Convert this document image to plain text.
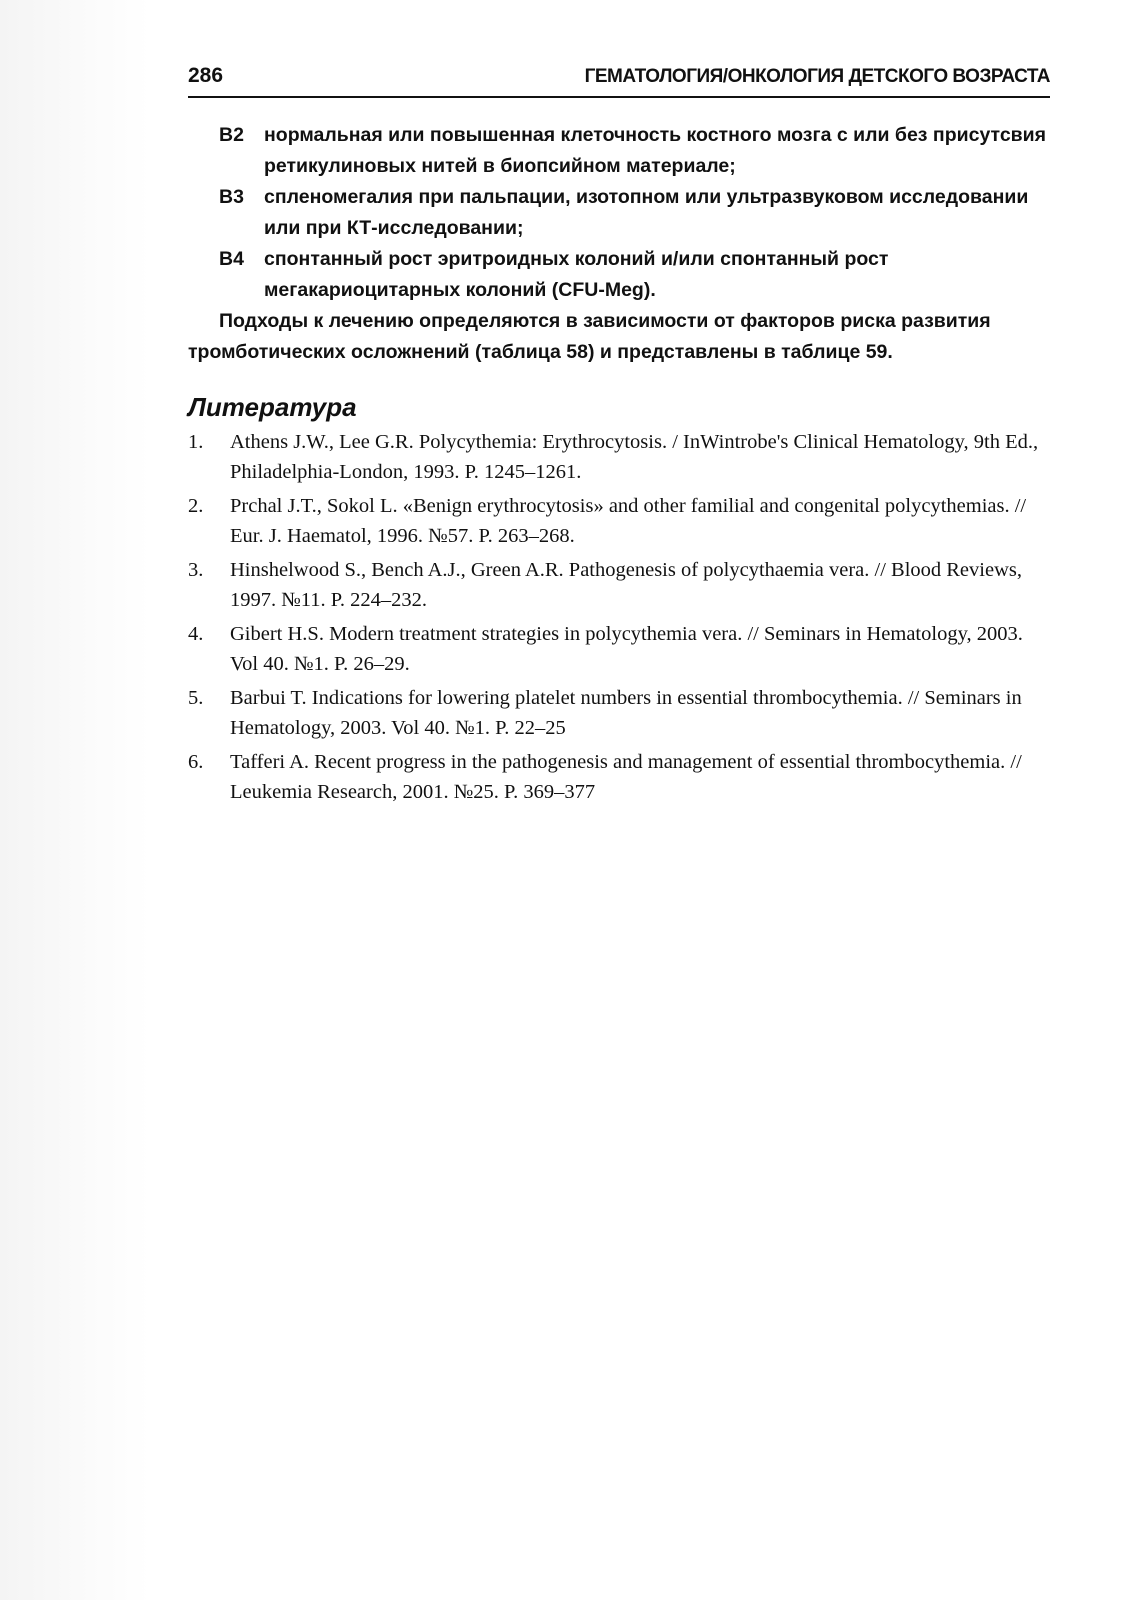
286	ГЕМАТОЛОГИЯ/ОНКОЛОГИЯ ДЕТСКОГО ВОЗРАСТА

В2 нормальная или повышенная клеточность костного мозга с или без присутсвия ретикулиновых нитей в биопсийном материале;

В3 спленомегалия при пальпации, изотопном или ультразвуковом исследовании или при КТ-исследовании;

В4 спонтанный рост эритроидных колоний и/или спонтанный рост мегакариоцитарных колоний (CFU-Meg).

Подходы к лечению определяются в зависимости от факторов риска развития тромботических осложнений (таблица 58) и представлены в таблице 59.

Литература
1. Athens J.W., Lee G.R. Polycythemia: Erythrocytosis. / InWintrobe's Clinical Hematology, 9th Ed., Philadelphia-London, 1993. P. 1245–1261.
2. Prchal J.T., Sokol L. «Benign erythrocytosis» and other familial and congenital polycythemias. // Eur. J. Haematol, 1996. №57. P. 263–268.
3. Hinshelwood S., Bench A.J., Green A.R. Pathogenesis of polycythaemia vera. // Blood Reviews, 1997. №11. P. 224–232.
4. Gibert H.S. Modern treatment strategies in polycythemia vera. // Seminars in Hematology, 2003. Vol 40. №1. P. 26–29.
5. Barbui T. Indications for lowering platelet numbers in essential thrombocythemia. // Seminars in Hematology, 2003. Vol 40. №1. P. 22–25
6. Tafferi A. Recent progress in the pathogenesis and management of essential thrombocythemia. // Leukemia Research, 2001. №25. P. 369–377
